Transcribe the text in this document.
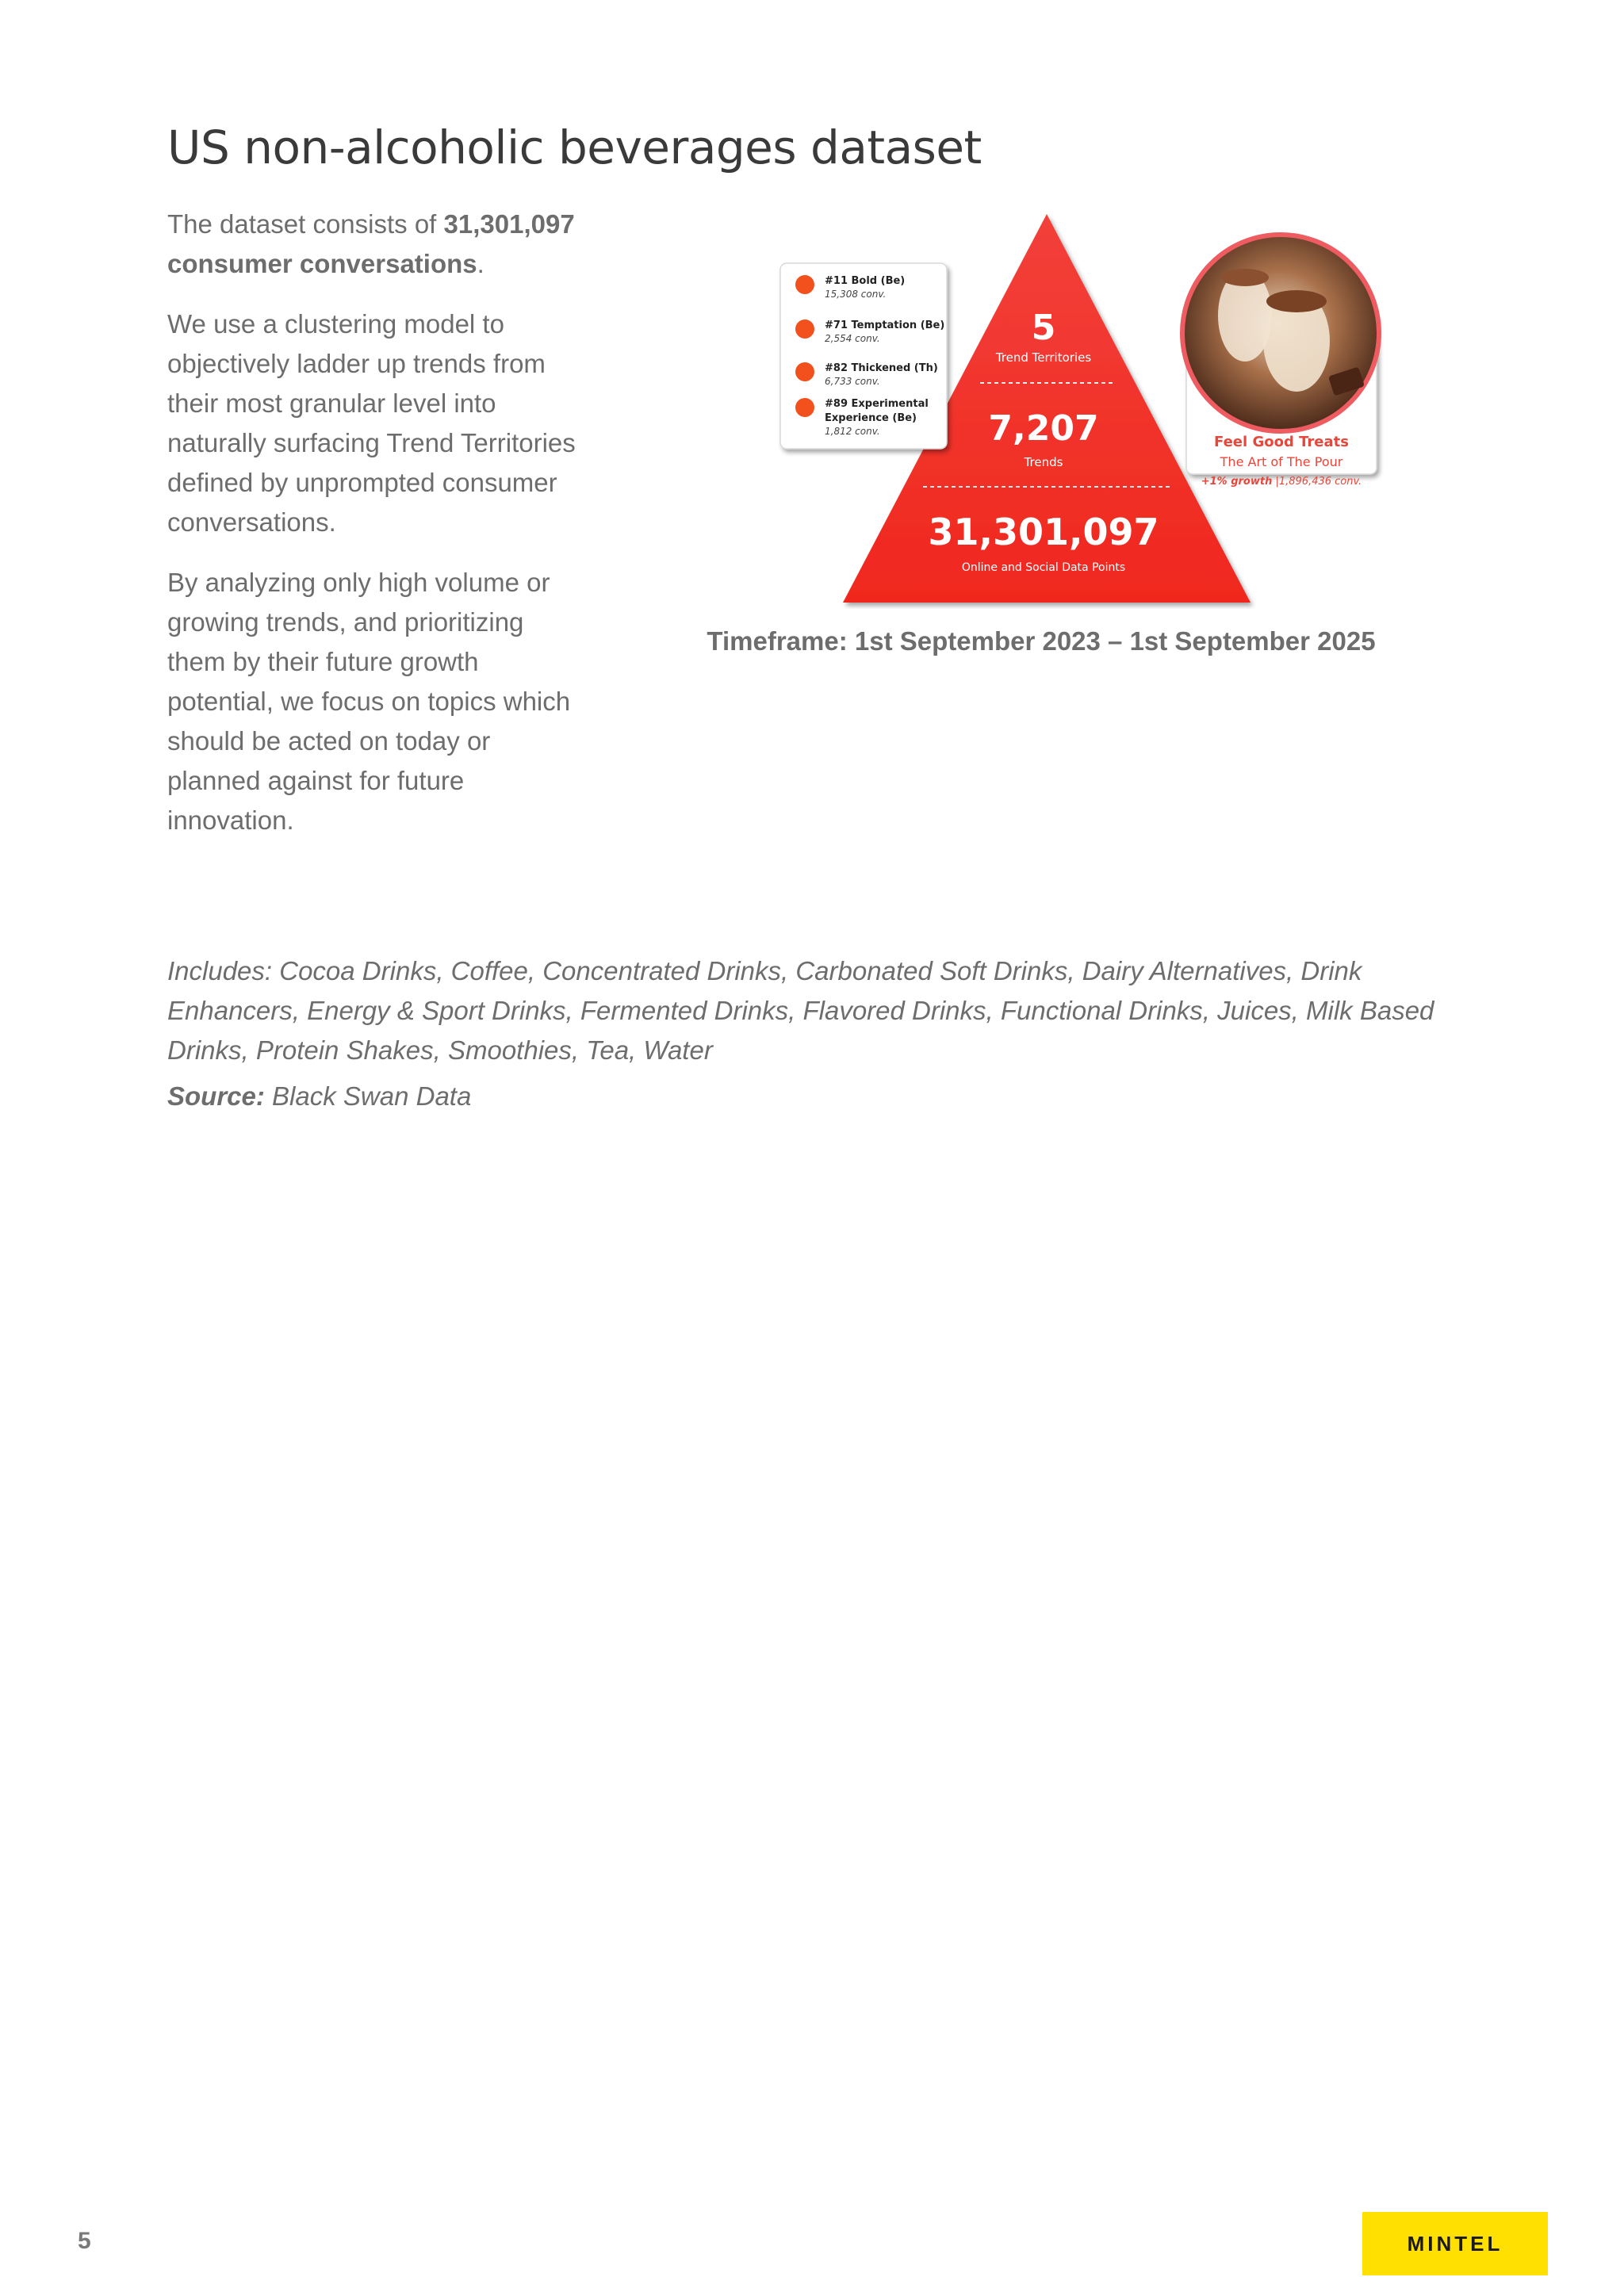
US non-alcoholic beverages dataset

The dataset consists of 31,301,097 consumer conversations.

We use a clustering model to objectively ladder up trends from their most granular level into naturally surfacing Trend Territories defined by unprompted consumer conversations.

By analyzing only high volume or growing trends, and prioritizing them by their future growth potential, we focus on topics which should be acted on today or planned against for future innovation.

5
Trend Territories
7,207
Trends
31,301,097
Online and Social Data Points
#11 Bold (Be)
15,308 conv.
#71 Temptation (Be)
2,554 conv.
#82 Thickened (Th)
6,733 conv.
#89 Experimental
Experience (Be)
1,812 conv.
Feel Good Treats
The Art of The Pour
+1% growth |1,896,436 conv.
Timeframe: 1st September 2023 – 1st September 2025
Includes: Cocoa Drinks, Coffee, Concentrated Drinks, Carbonated Soft Drinks, Dairy Alternatives, Drink Enhancers, Energy & Sport Drinks, Fermented Drinks, Flavored Drinks, Functional Drinks, Juices, Milk Based Drinks, Protein Shakes, Smoothies, Tea, Water
Source: Black Swan Data
5	MINTEL
